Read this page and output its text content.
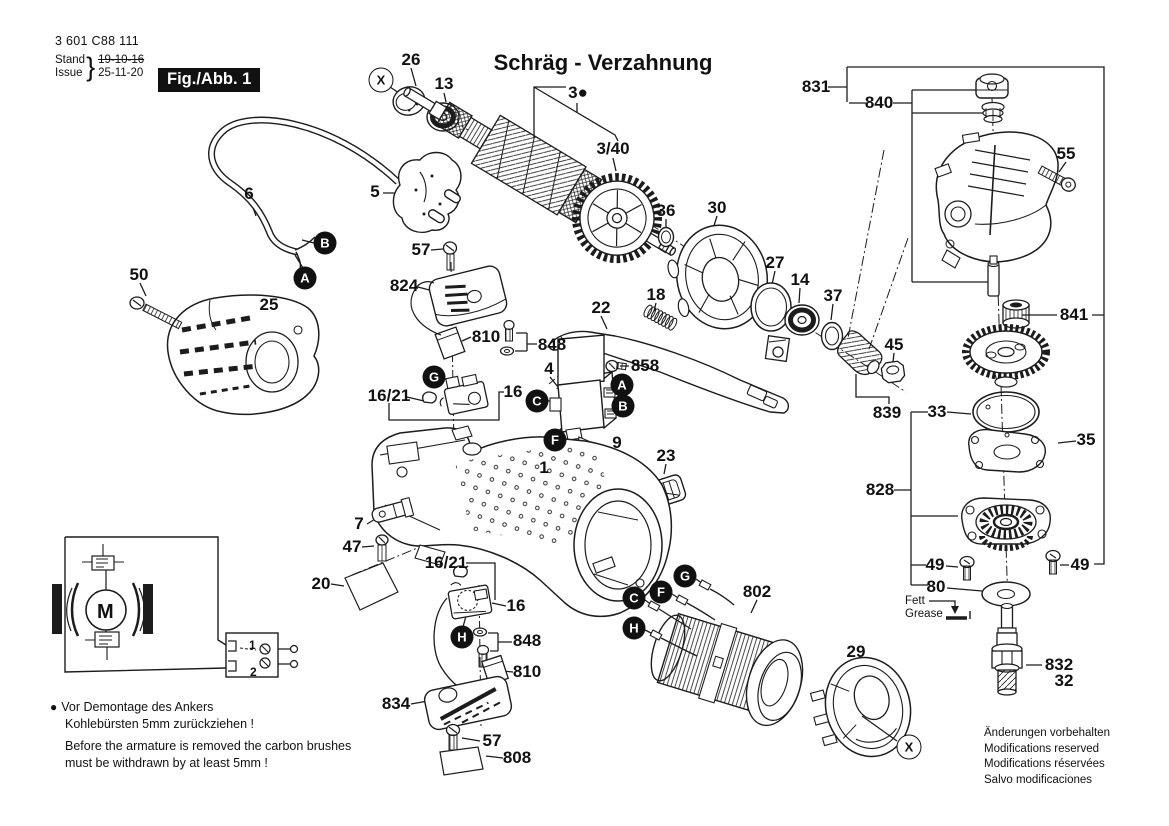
1
2
M
3 601 C88 111
Stand
Issue } 19-10-16
25-11-20	Fig./Abb. 1
Schräg - Verzahnung
26
13	3●
3/40
5
6
50
25
57
824
810 848
16/21	16
36 30
27
14
37
18
22
858
4
9
23
1
7
47
20
16/21
16
848
810
834
57
808
802
29
831
840
55
841
45
839 33
35
828
49	49
80
832
32
X
B
A
G
A
B
C
F
H
G
F
C
H
X
Fett
Grease
● Vor Demontage des Ankers
Kohlebürsten 5mm zurückziehen !
Before the armature is removed the carbon brushes
must be withdrawn by at least 5mm !
Änderungen vorbehalten
Modifications reserved
Modifications réservées
Salvo modificaciones
